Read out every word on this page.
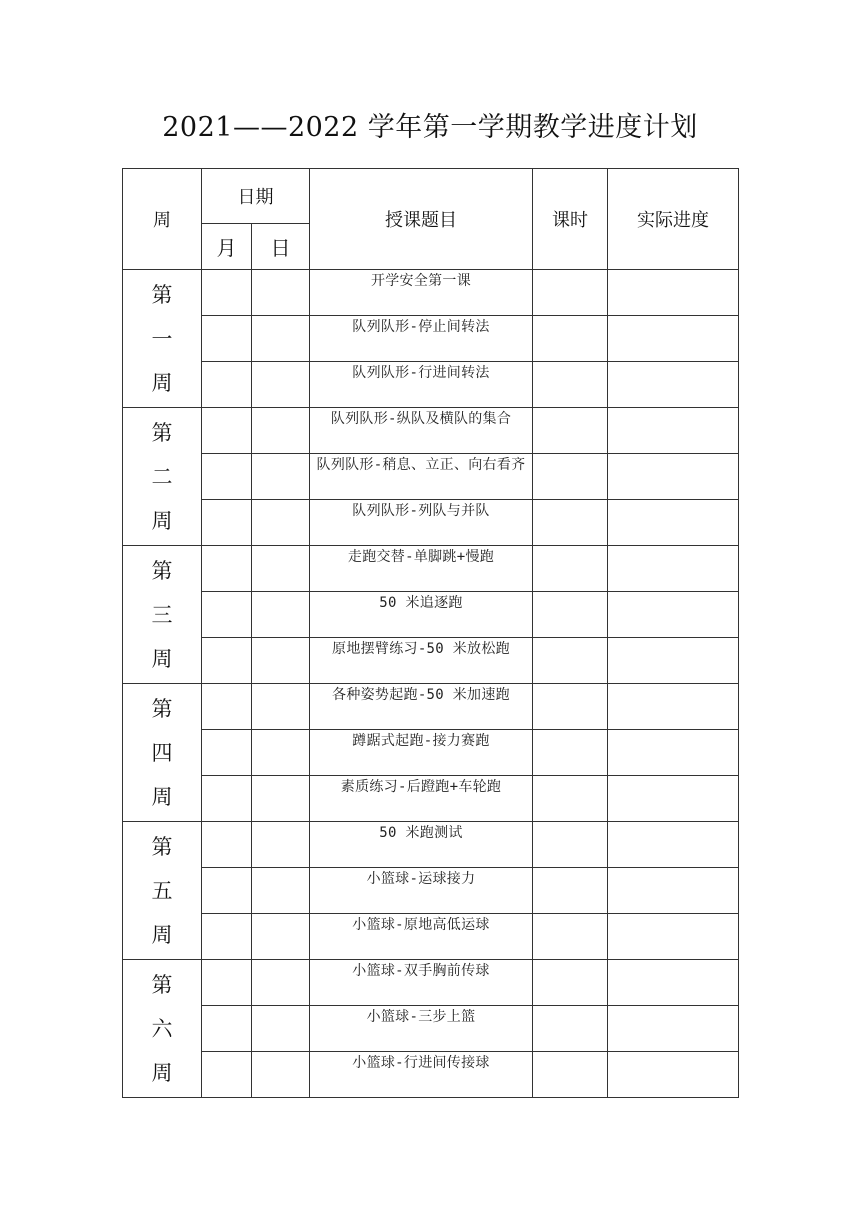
2021——2022 学年第一学期教学进度计划
周	日期		授课题目	课时	实际进度
	月	日			

第
一
周			开学安全第一课		
			队列队形-停止间转法		
			队列队形-行进间转法		

第
二
周			队列队形-纵队及横队的集合		
			队列队形-稍息、立正、向右看齐		
			队列队形-列队与并队		

第
三
周			走跑交替-单脚跳+慢跑		
			50 米追逐跑		
			原地摆臂练习-50 米放松跑		

第
四
周			各种姿势起跑-50 米加速跑		
			蹲踞式起跑-接力赛跑		
			素质练习-后蹬跑+车轮跑		

第
五
周			50 米跑测试		
			小篮球-运球接力		
			小篮球-原地高低运球		

第
六
周			小篮球-双手胸前传球		
			小篮球-三步上篮		
			小篮球-行进间传接球		
